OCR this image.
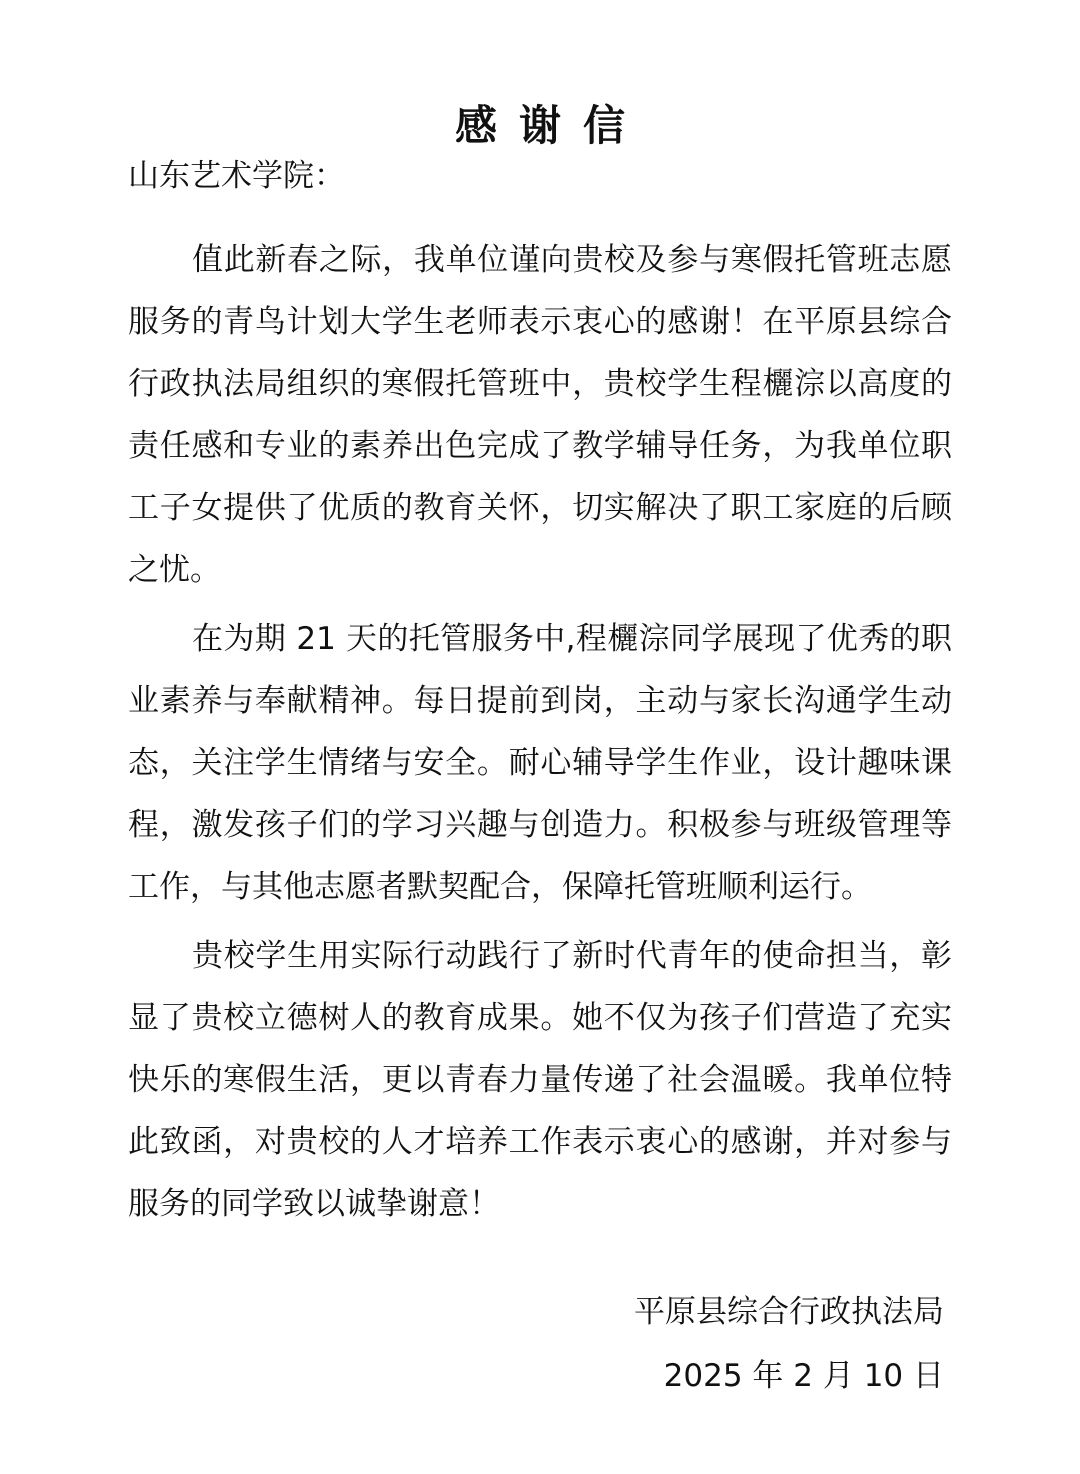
感谢信

山东艺术学院：

值此新春之际，我单位谨向贵校及参与寒假托管班志愿服务的青鸟计划大学生老师表示衷心的感谢！在平原县综合行政执法局组织的寒假托管班中，贵校学生程欐淙以高度的责任感和专业的素养出色完成了教学辅导任务，为我单位职工子女提供了优质的教育关怀，切实解决了职工家庭的后顾之忧。

在为期 21 天的托管服务中,程欐淙同学展现了优秀的职业素养与奉献精神。每日提前到岗，主动与家长沟通学生动态，关注学生情绪与安全。耐心辅导学生作业，设计趣味课程，激发孩子们的学习兴趣与创造力。积极参与班级管理等工作，与其他志愿者默契配合，保障托管班顺利运行。

贵校学生用实际行动践行了新时代青年的使命担当，彰显了贵校立德树人的教育成果。她不仅为孩子们营造了充实快乐的寒假生活，更以青春力量传递了社会温暖。我单位特此致函，对贵校的人才培养工作表示衷心的感谢，并对参与服务的同学致以诚挚谢意！

平原县综合行政执法局

2025 年 2 月 10 日
